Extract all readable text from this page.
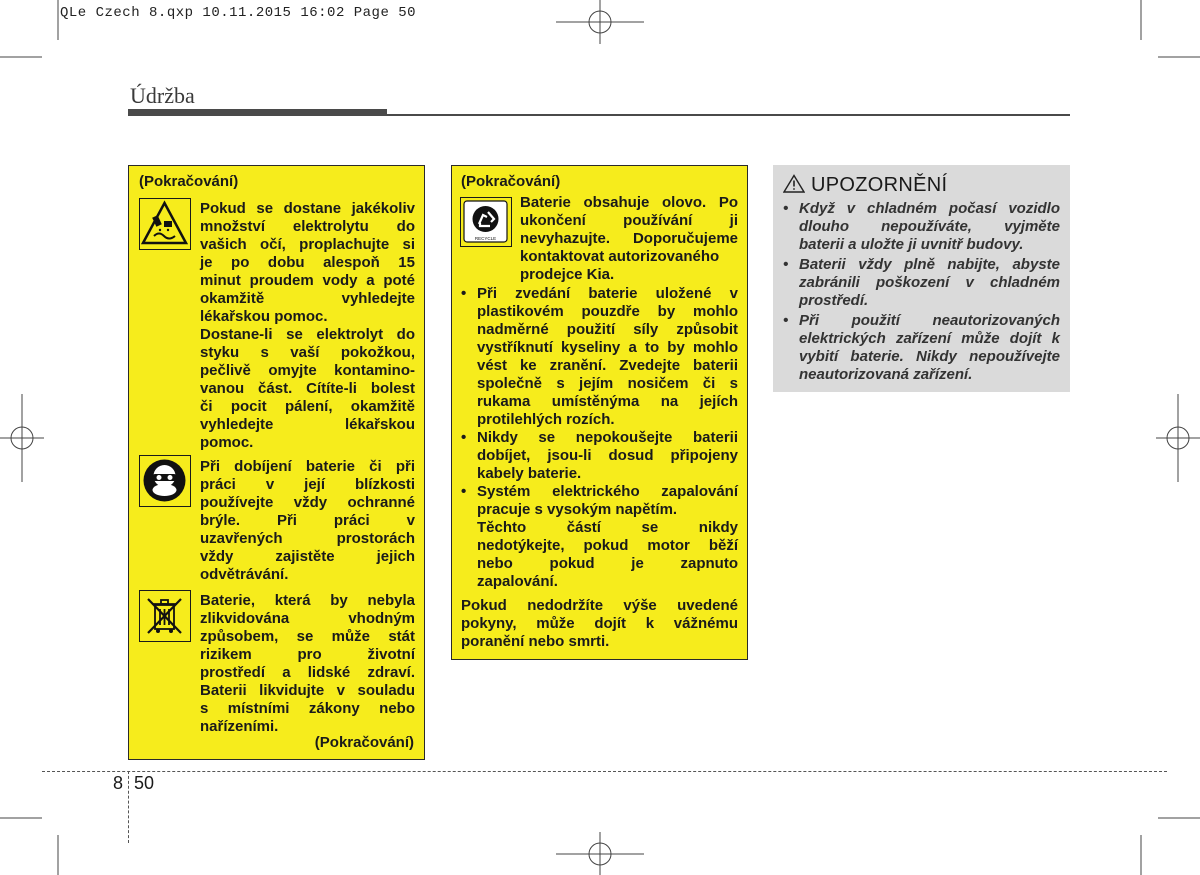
QLe Czech 8.qxp 10.11.2015 16:02 Page 50
Údržba
(Pokračování)
Pokud se dostane jakékoliv
množství elektrolytu do
vašich očí, proplachujte si
je po dobu alespoň 15
minut proudem vody a poté
okamžitě vyhledejte
lékařskou pomoc.
Dostane-li se elektrolyt do
styku s vaší pokožkou,
pečlivě omyjte kontamino-
vanou část. Cítíte-li bolest
či pocit pálení, okamžitě
vyhledejte lékařskou
pomoc.
Při dobíjení baterie či při
práci v její blízkosti
používejte vždy ochranné
brýle. Při práci v
uzavřených prostorách
vždy zajistěte jejich
odvětrávání.
Baterie, která by nebyla
zlikvidována vhodným
způsobem, se může stát
rizikem pro životní
prostředí a lidské zdraví.
Baterii likvidujte v souladu
s místními zákony nebo
nařízeními.
(Pokračování)
(Pokračování)
RECYCLE
Baterie obsahuje olovo. Po
ukončení používání ji
nevyhazujte. Doporučujeme
kontaktovat autorizovaného
prodejce Kia.
• Při zvedání baterie uložené v
plastikovém pouzdře by mohlo
nadměrné použití síly způsobit
vystříknutí kyseliny a to by mohlo
vést ke zranění. Zvedejte baterii
společně s jejím nosičem či s
rukama umístěnýma na jejích
protilehlých rozích.
• Nikdy se nepokoušejte baterii
dobíjet, jsou-li dosud připojeny
kabely baterie.
• Systém elektrického zapalování
pracuje s vysokým napětím.
Těchto částí se nikdy
nedotýkejte, pokud motor běží
nebo pokud je zapnuto
zapalování.
Pokud nedodržíte výše uvedené
pokyny, může dojít k vážnému
poranění nebo smrti.
UPOZORNĚNÍ
• Když v chladném počasí vozidlo
dlouho nepoužíváte, vyjměte
baterii a uložte ji uvnitř budovy.
• Baterii vždy plně nabijte, abyste
zabránili poškození v chladném
prostředí.
• Při použití neautorizovaných
elektrických zařízení může dojít k
vybití baterie. Nikdy nepoužívejte
neautorizovaná zařízení.
8 50
